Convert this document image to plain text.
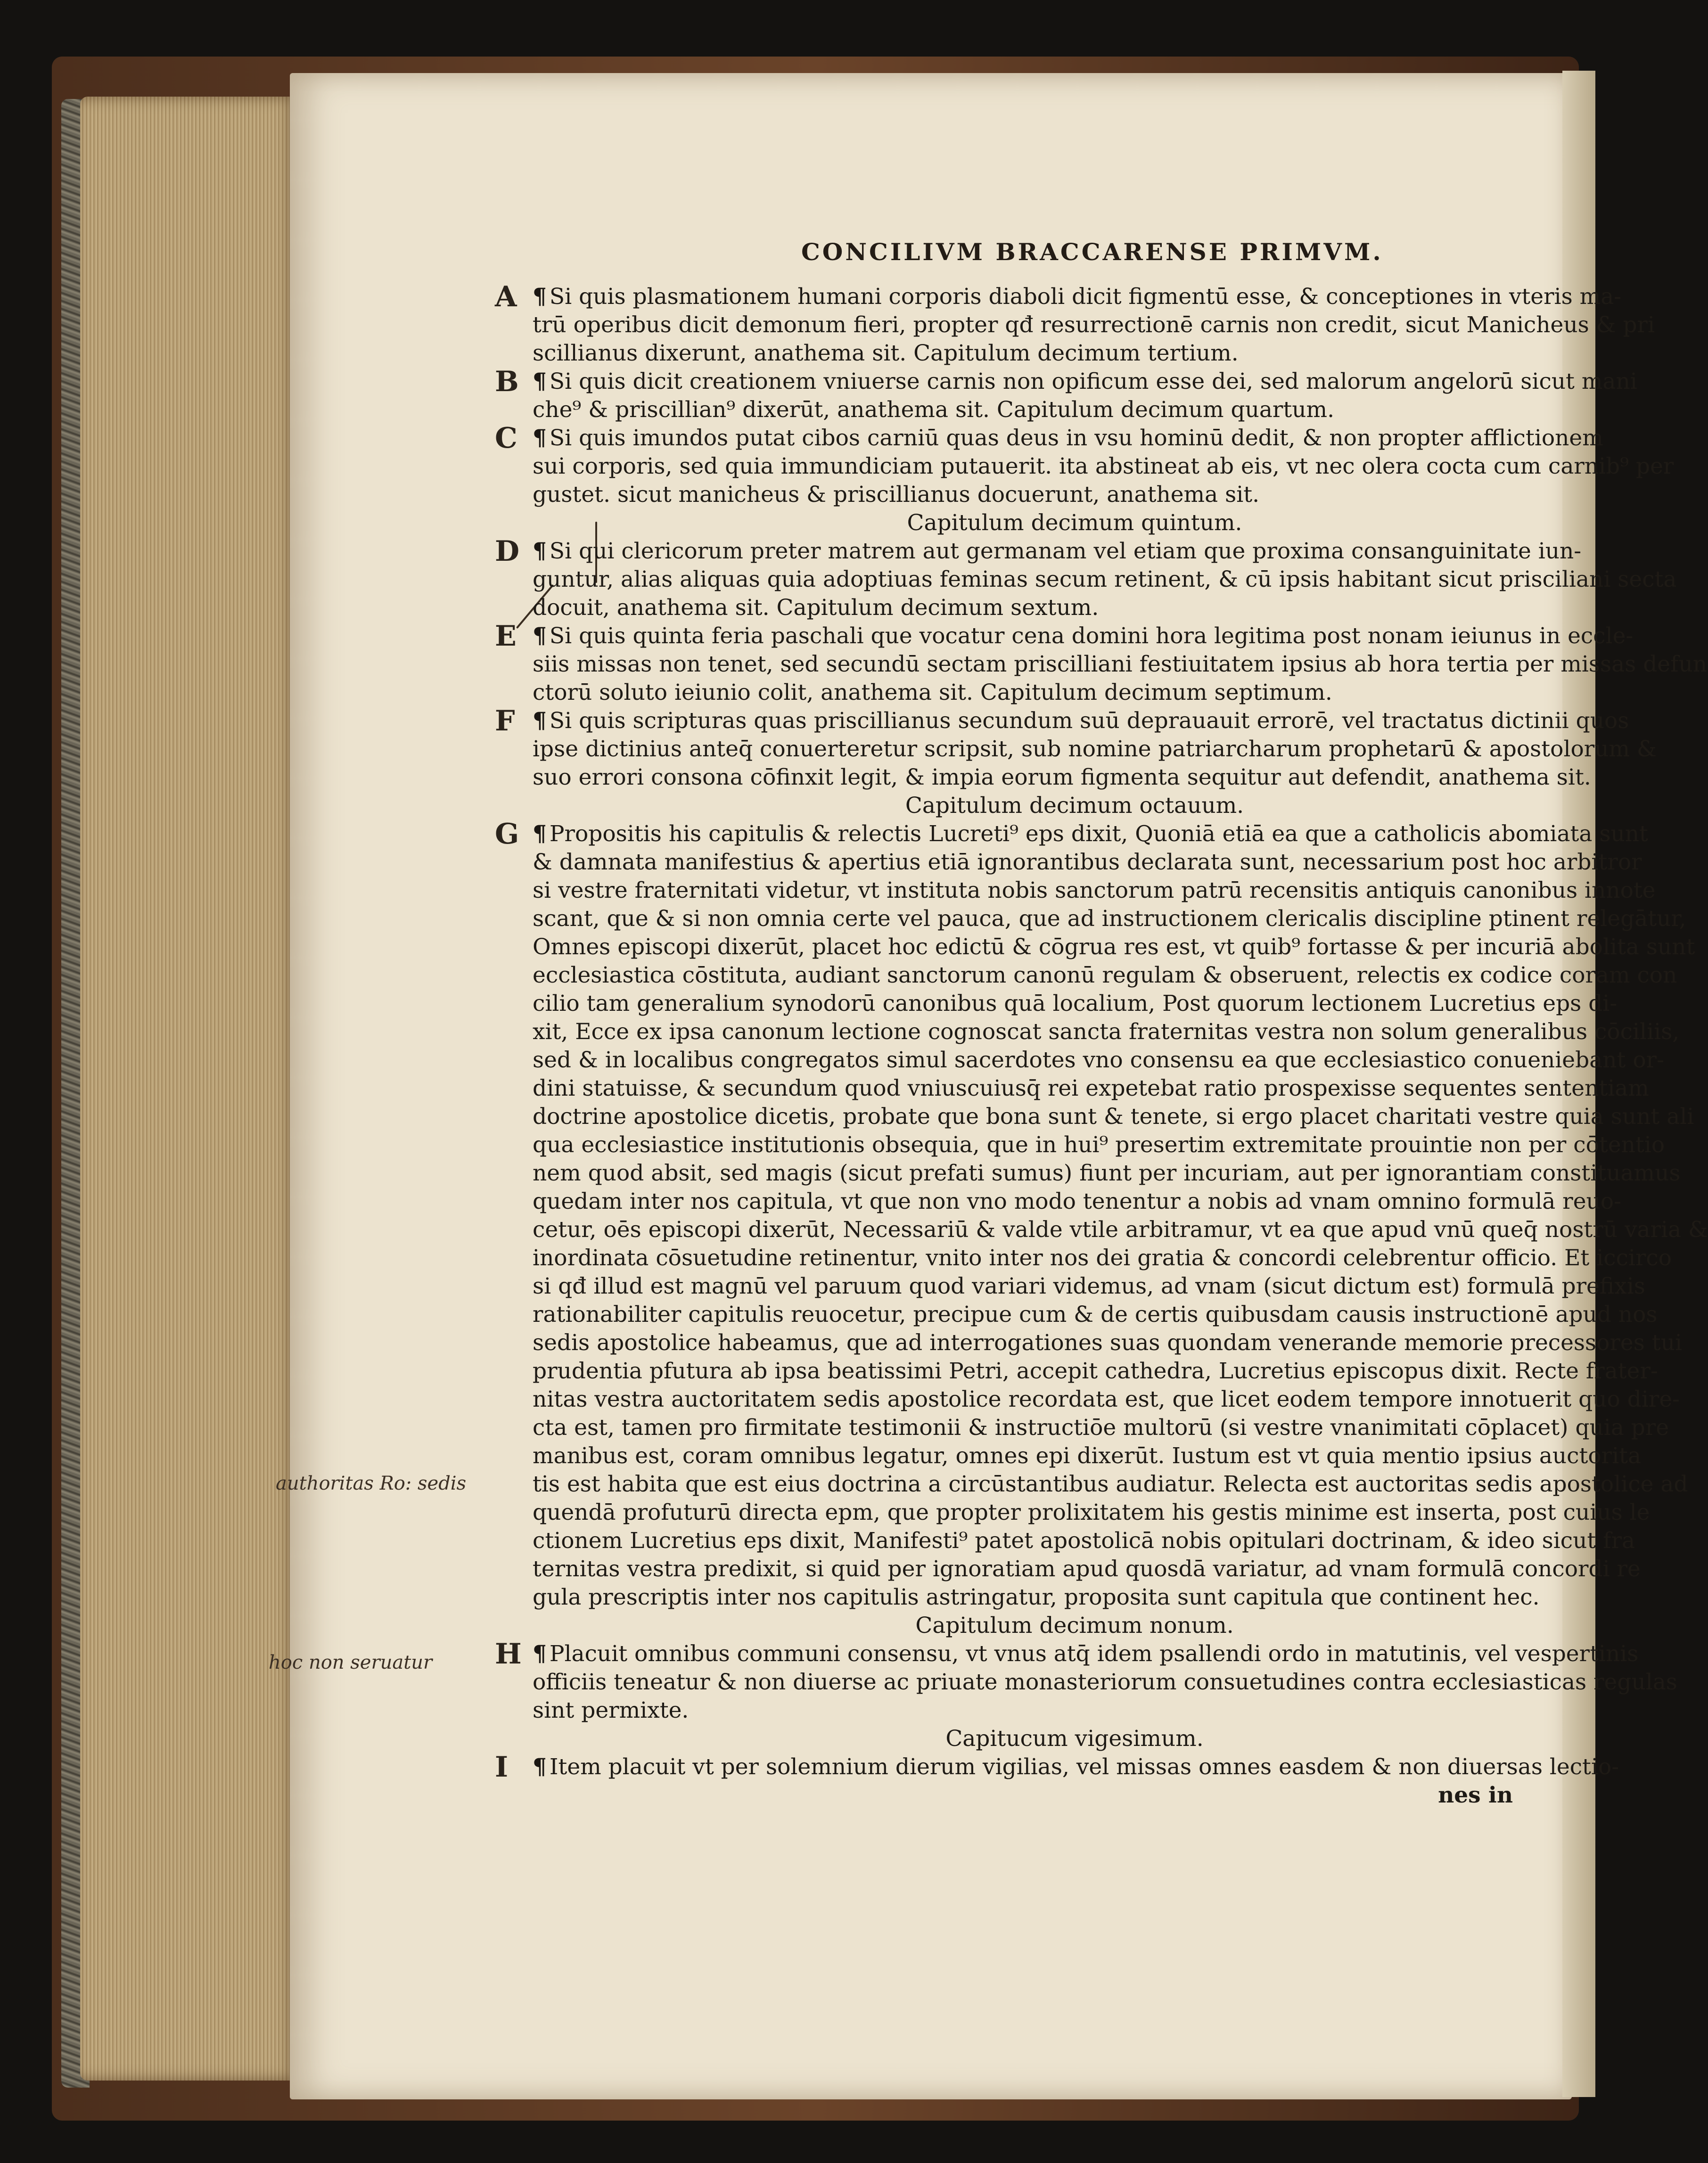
CONCILIVM BRACCARENSE PRIMVM.
authoritas Ro: sedis
hoc non seruatur
A ¶ Si quis plasmationem humani corporis diaboli dicit figmentū esse, & conceptiones in vteris ma-
trū operibus dicit demonum fieri, propter qđ resurrectionē carnis non credit, sicut Manicheus & pri
scillianus dixerunt, anathema sit. Capitulum decimum tertium.
B ¶ Si quis dicit creationem vniuerse carnis non opificum esse dei, sed malorum angelorū sicut mani
che⁹ & priscillian⁹ dixerūt, anathema sit. Capitulum decimum quartum.
C ¶ Si quis imundos putat cibos carniū quas deus in vsu hominū dedit, & non propter afflictionem
sui corporis, sed quia immundiciam putauerit. ita abstineat ab eis, vt nec olera cocta cum carnib⁹ per
gustet. sicut manicheus & priscillianus docuerunt, anathema sit.
Capitulum decimum quintum.
D ¶ Si qui clericorum preter matrem aut germanam vel etiam que proxima consanguinitate iun-
guntur, alias aliquas quia adoptiuas feminas secum retinent, & cū ipsis habitant sicut prisciliani secta
docuit, anathema sit. Capitulum decimum sextum.
E ¶ Si quis quinta feria paschali que vocatur cena domini hora legitima post nonam ieiunus in eccle-
siis missas non tenet, sed secundū sectam priscilliani festiuitatem ipsius ab hora tertia per missas defun
ctorū soluto ieiunio colit, anathema sit. Capitulum decimum septimum.
F ¶ Si quis scripturas quas priscillianus secundum suū deprauauit errorē, vel tractatus dictinii quos
ipse dictinius anteq̄ conuerteretur scripsit, sub nomine patriarcharum prophetarū & apostolorum &
suo errori consona cōfinxit legit, & impia eorum figmenta sequitur aut defendit, anathema sit.
Capitulum decimum octauum.
G ¶ Propositis his capitulis & relectis Lucreti⁹ eps dixit, Quoniā etiā ea que a catholicis abomiata sunt
& damnata manifestius & apertius etiā ignorantibus declarata sunt, necessarium post hoc arbitror
si vestre fraternitati videtur, vt instituta nobis sanctorum patrū recensitis antiquis canonibus innote
scant, que & si non omnia certe vel pauca, que ad instructionem clericalis discipline ptinent relegātur,
Omnes episcopi dixerūt, placet hoc edictū & cōgrua res est, vt quib⁹ fortasse & per incuriā abolita sunt
ecclesiastica cōstituta, audiant sanctorum canonū regulam & obseruent, relectis ex codice coram con
cilio tam generalium synodorū canonibus quā localium, Post quorum lectionem Lucretius eps di-
xit, Ecce ex ipsa canonum lectione cognoscat sancta fraternitas vestra non solum generalibus cōciliis,
sed & in localibus congregatos simul sacerdotes vno consensu ea que ecclesiastico conueniebant or-
dini statuisse, & secundum quod vniuscuiusq̄ rei expetebat ratio prospexisse sequentes sententiam
doctrine apostolice dicetis, probate que bona sunt & tenete, si ergo placet charitati vestre quia sunt ali
qua ecclesiastice institutionis obsequia, que in hui⁹ presertim extremitate prouintie non per cōtentio
nem quod absit, sed magis (sicut prefati sumus) fiunt per incuriam, aut per ignorantiam constituamus
quedam inter nos capitula, vt que non vno modo tenentur a nobis ad vnam omnino formulā reuo-
cetur, oēs episcopi dixerūt, Necessariū & valde vtile arbitramur, vt ea que apud vnū queq̄ nostrū varia &
inordinata cōsuetudine retinentur, vnito inter nos dei gratia & concordi celebrentur officio. Et iccirco
si qđ illud est magnū vel paruum quod variari videmus, ad vnam (sicut dictum est) formulā prefixis
rationabiliter capitulis reuocetur, precipue cum & de certis quibusdam causis instructionē apud nos
sedis apostolice habeamus, que ad interrogationes suas quondam venerande memorie precessores tui
prudentia pfutura ab ipsa beatissimi Petri, accepit cathedra, Lucretius episcopus dixit. Recte frater-
nitas vestra auctoritatem sedis apostolice recordata est, que licet eodem tempore innotuerit quo dire-
cta est, tamen pro firmitate testimonii & instructiōe multorū (si vestre vnanimitati cōplacet) quia pre
manibus est, coram omnibus legatur, omnes epi dixerūt. Iustum est vt quia mentio ipsius auctorita
tis est habita que est eius doctrina a circūstantibus audiatur. Relecta est auctoritas sedis apostolice ad
quendā profuturū directa epm, que propter prolixitatem his gestis minime est inserta, post cuius le
ctionem Lucretius eps dixit, Manifesti⁹ patet apostolicā nobis opitulari doctrinam, & ideo sicut fra
ternitas vestra predixit, si quid per ignoratiam apud quosdā variatur, ad vnam formulā concordi re
gula prescriptis inter nos capitulis astringatur, proposita sunt capitula que continent hec.
Capitulum decimum nonum.
H ¶ Placuit omnibus communi consensu, vt vnus atq̄ idem psallendi ordo in matutinis, vel vespertinis
officiis teneatur & non diuerse ac priuate monasteriorum consuetudines contra ecclesiasticas regulas
sint permixte.
Capitucum vigesimum.
I ¶ Item placuit vt per solemnium dierum vigilias, vel missas omnes easdem & non diuersas lectio-
nes in
